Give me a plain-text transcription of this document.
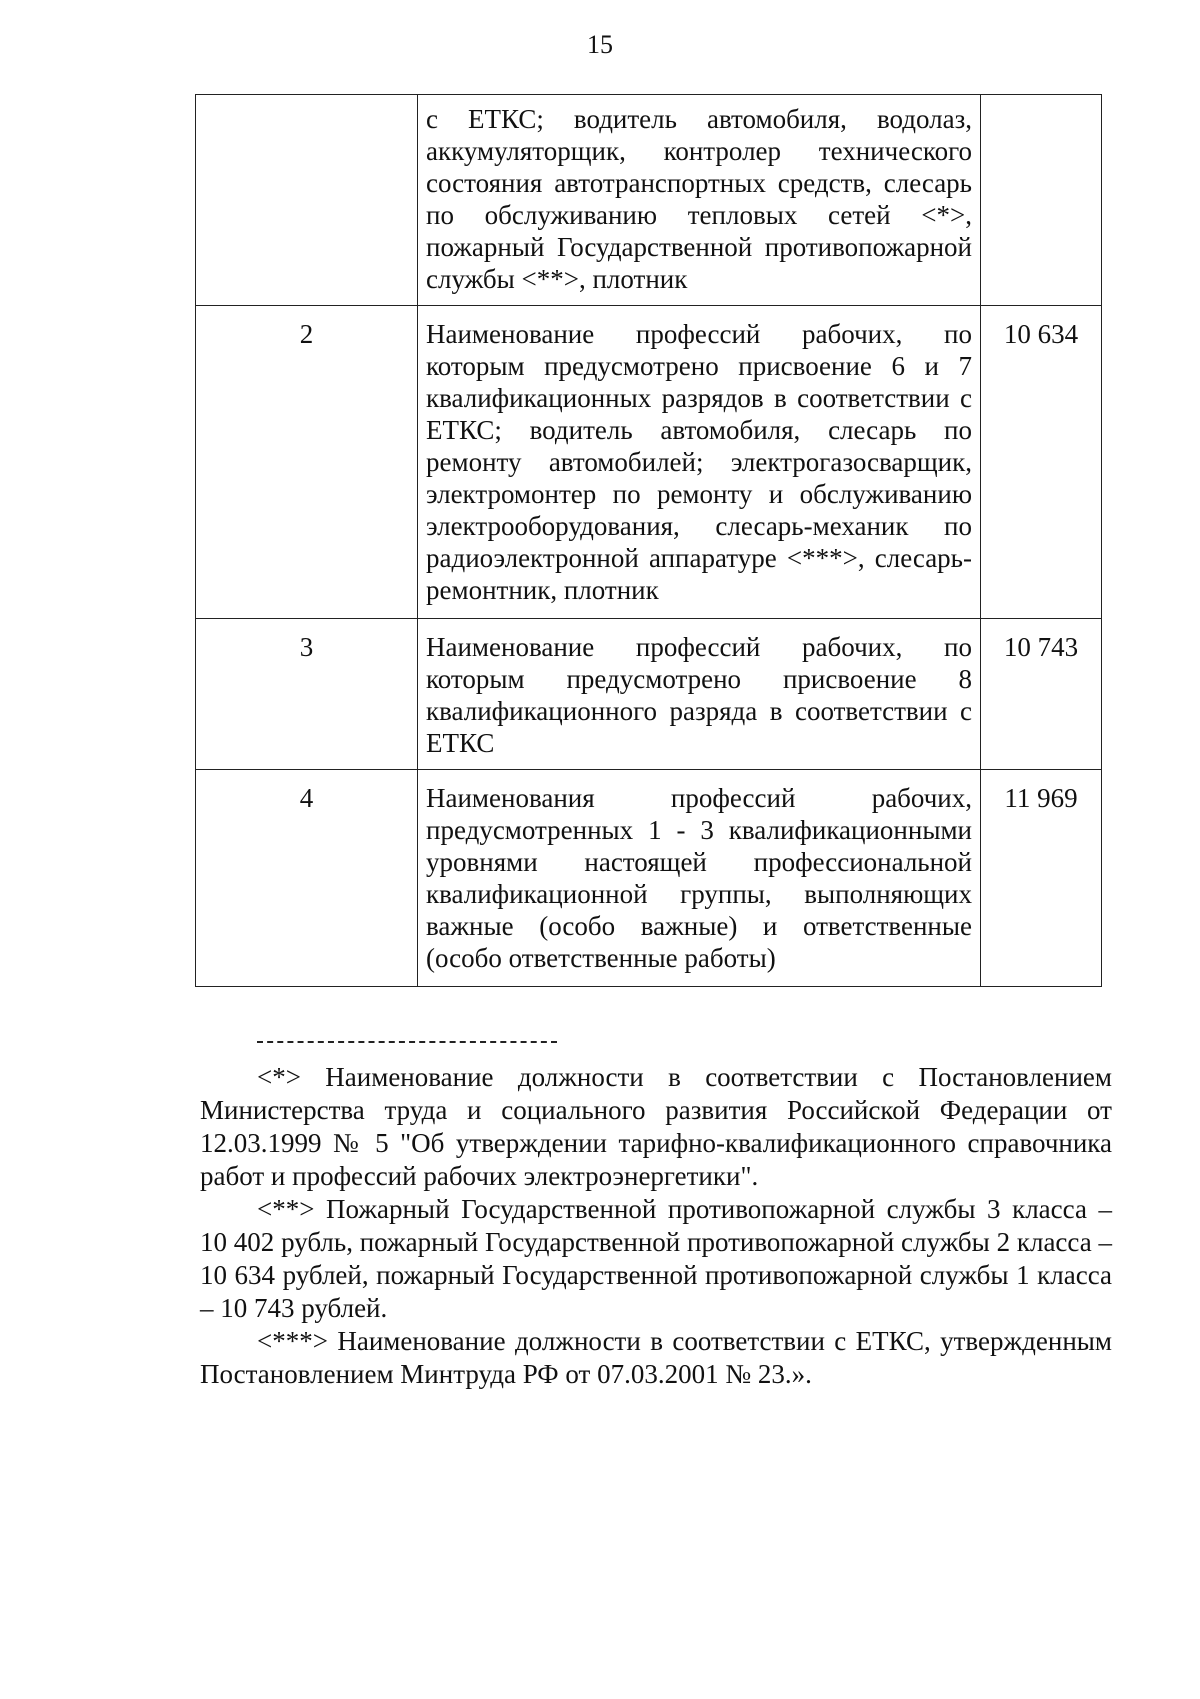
15
	с ЕТКС; водитель автомобиля, водолаз, аккумуляторщик, контролер технического состояния автотранспортных средств, слесарь по обслуживанию тепловых сетей <*>, пожарный Государственной противопожарной службы <**>, плотник	
2	Наименование профессий рабочих, по которым предусмотрено присвоение 6 и 7 квалификационных разрядов в соответствии с ЕТКС; водитель автомобиля, слесарь по ремонту автомобилей; электрогазосварщик, электромонтер по ремонту и обслуживанию электрооборудования, слесарь-механик по радиоэлектронной аппаратуре <***>, слесарь-ремонтник, плотник	10 634
3	Наименование профессий рабочих, по которым предусмотрено присвоение 8 квалификационного разряда в соответствии с ЕТКС	10 743
4	Наименования профессий рабочих, предусмотренных 1 - 3 квалификационными уровнями настоящей профессиональной квалификационной группы, выполняющих важные (особо важные) и ответственные (особо ответственные работы)	11 969

<*> Наименование должности в соответствии с Постановлением Министерства труда и социального развития Российской Федерации от 12.03.1999 № 5 "Об утверждении тарифно-квалификационного справочника работ и профессий рабочих электроэнергетики".

<**> Пожарный Государственной противопожарной службы 3 класса – 10 402 рубль, пожарный Государственной противопожарной службы 2 класса – 10 634 рублей, пожарный Государственной противопожарной службы 1 класса – 10 743 рублей.

<***> Наименование должности в соответствии с ЕТКС, утвержденным Постановлением Минтруда РФ от 07.03.2001 № 23.».
